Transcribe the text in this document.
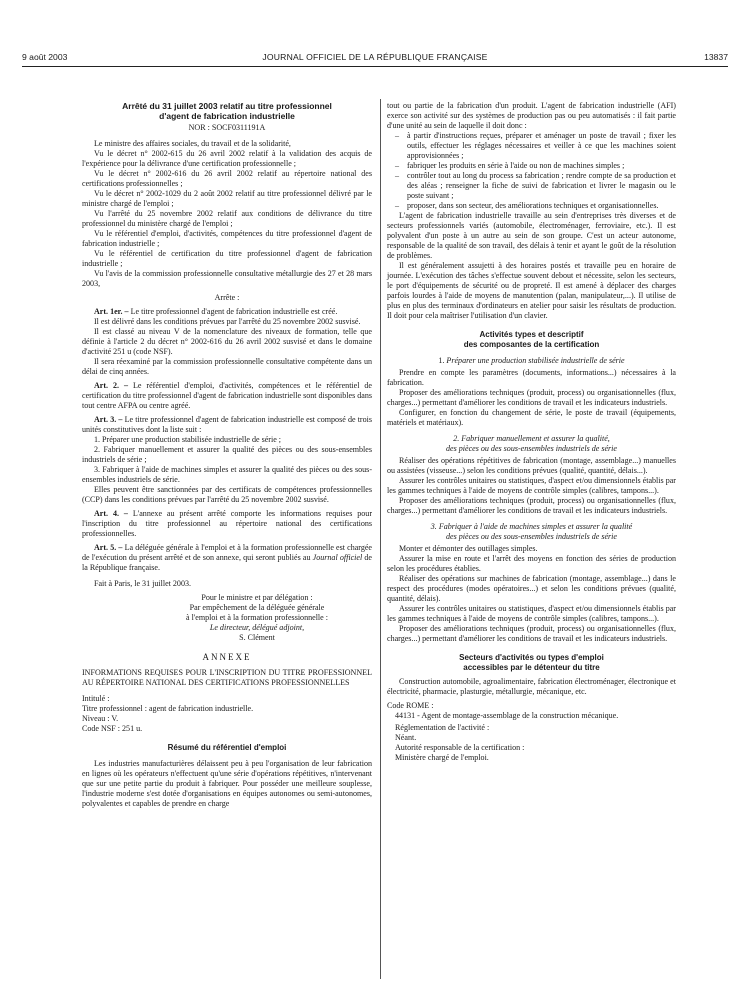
9 août 2003	JOURNAL OFFICIEL DE LA RÉPUBLIQUE FRANÇAISE	13837

Arrêté du 31 juillet 2003 relatif au titre professionnel

d'agent de fabrication industrielle

NOR : SOCF0311191A

Le ministre des affaires sociales, du travail et de la solidarité,

Vu le décret n° 2002-615 du 26 avril 2002 relatif à la validation des acquis de l'expérience pour la délivrance d'une certification professionnelle ;

Vu le décret n° 2002-616 du 26 avril 2002 relatif au répertoire national des certifications professionnelles ;

Vu le décret n° 2002-1029 du 2 août 2002 relatif au titre professionnel délivré par le ministre chargé de l'emploi ;

Vu l'arrêté du 25 novembre 2002 relatif aux conditions de délivrance du titre professionnel du ministère chargé de l'emploi ;

Vu le référentiel d'emploi, d'activités, compétences du titre professionnel d'agent de fabrication industrielle ;

Vu le référentiel de certification du titre professionnel d'agent de fabrication industrielle ;

Vu l'avis de la commission professionnelle consultative métallurgie des 27 et 28 mars 2003,

Arrête :

Art. 1er. – Le titre professionnel d'agent de fabrication industrielle est créé.

Il est délivré dans les conditions prévues par l'arrêté du 25 novembre 2002 susvisé.

Il est classé au niveau V de la nomenclature des niveaux de formation, telle que définie à l'article 2 du décret n° 2002-616 du 26 avril 2002 susvisé et dans le domaine d'activité 251 u (code NSF).

Il sera réexaminé par la commission professionnelle consultative compétente dans un délai de cinq années.

Art. 2. – Le référentiel d'emploi, d'activités, compétences et le référentiel de certification du titre professionnel d'agent de fabrication industrielle sont disponibles dans tout centre AFPA ou centre agréé.

Art. 3. – Le titre professionnel d'agent de fabrication industrielle est composé de trois unités constitutives dont la liste suit :

1. Préparer une production stabilisée industrielle de série ;

2. Fabriquer manuellement et assurer la qualité des pièces ou des sous-ensembles industriels de série ;

3. Fabriquer à l'aide de machines simples et assurer la qualité des pièces ou des sous-ensembles industriels de série.

Elles peuvent être sanctionnées par des certificats de compétences professionnelles (CCP) dans les conditions prévues par l'arrêté du 25 novembre 2002 susvisé.

Art. 4. – L'annexe au présent arrêté comporte les informations requises pour l'inscription du titre professionnel au répertoire national des certifications professionnelles.

Art. 5. – La déléguée générale à l'emploi et à la formation professionnelle est chargée de l'exécution du présent arrêté et de son annexe, qui seront publiés au Journal officiel de la République française.

Fait à Paris, le 31 juillet 2003.

Pour le ministre et par délégation :

Par empêchement de la déléguée générale

à l'emploi et à la formation professionnelle :

Le directeur, délégué adjoint,

S. Clément

ANNEXE

INFORMATIONS REQUISES POUR L'INSCRIPTION DU TITRE PROFESSIONNEL AU RÉPERTOIRE NATIONAL DES CERTIFICATIONS PROFESSIONNELLES

Intitulé :

Titre professionnel : agent de fabrication industrielle.

Niveau : V.

Code NSF : 251 u.

Résumé du référentiel d'emploi

Les industries manufacturières délaissent peu à peu l'organisation de leur fabrication en lignes où les opérateurs n'effectuent qu'une série d'opérations répétitives, n'intervenant que sur une petite partie du produit à fabriquer. Pour posséder une meilleure souplesse, l'industrie moderne s'est dotée d'organisations en équipes autonomes ou semi-autonomes, polyvalentes et capables de prendre en charge

tout ou partie de la fabrication d'un produit. L'agent de fabrication industrielle (AFI) exerce son activité sur des systèmes de production pas ou peu automatisés : il fait partie d'une unité au sein de laquelle il doit donc :

– à partir d'instructions reçues, préparer et aménager un poste de travail ; fixer les outils, effectuer les réglages nécessaires et veiller à ce que les machines soient approvisionnées ;
– fabriquer les produits en série à l'aide ou non de machines simples ;
– contrôler tout au long du process sa fabrication ; rendre compte de sa production et des aléas ; renseigner la fiche de suivi de fabrication et livrer le magasin ou le poste suivant ;
– proposer, dans son secteur, des améliorations techniques et organisationnelles.

L'agent de fabrication industrielle travaille au sein d'entreprises très diverses et de secteurs professionnels variés (automobile, électroménager, ferroviaire, etc.). Il est polyvalent d'un poste à un autre au sein de son groupe. C'est un acteur autonome, responsable de la qualité de son travail, des délais à tenir et ayant le goût de la résolution de problèmes.

Il est généralement assujetti à des horaires postés et travaille peu en horaire de journée. L'exécution des tâches s'effectue souvent debout et nécessite, selon les secteurs, le port d'équipements de sécurité ou de propreté. Il est amené à déplacer des charges parfois lourdes à l'aide de moyens de manutention (palan, manipulateur,...). Il utilise de plus en plus des terminaux d'ordinateurs en atelier pour saisir les résultats de production. Il doit pour cela maîtriser l'utilisation d'un clavier.

Activités types et descriptif

des composantes de la certification

1. Préparer une production stabilisée industrielle de série

Prendre en compte les paramètres (documents, informations...) nécessaires à la fabrication.

Proposer des améliorations techniques (produit, process) ou organisationnelles (flux, charges...) permettant d'améliorer les conditions de travail et les indicateurs industriels.

Configurer, en fonction du changement de série, le poste de travail (équipements, matériels et matériaux).

2. Fabriquer manuellement et assurer la qualité,

des pièces ou des sous-ensembles industriels de série

Réaliser des opérations répétitives de fabrication (montage, assemblage...) manuelles ou assistées (visseuse...) selon les conditions prévues (qualité, quantité, délais...).

Assurer les contrôles unitaires ou statistiques, d'aspect et/ou dimensionnels établis par les gammes techniques à l'aide de moyens de contrôle simples (calibres, tampons...).

Proposer des améliorations techniques (produit, process) ou organisationnelles (flux, charges...) permettant d'améliorer les conditions de travail et les indicateurs industriels.

3. Fabriquer à l'aide de machines simples et assurer la qualité

des pièces ou des sous-ensembles industriels de série

Monter et démonter des outillages simples.

Assurer la mise en route et l'arrêt des moyens en fonction des séries de production selon les procédures établies.

Réaliser des opérations sur machines de fabrication (montage, assemblage...) dans le respect des procédures (modes opératoires...) et selon les conditions prévues (qualité, quantité, délais).

Assurer les contrôles unitaires ou statistiques, d'aspect et/ou dimensionnels établis par les gammes techniques à l'aide de moyens de contrôle simples (calibres, tampons...).

Proposer des améliorations techniques (produit, process) ou organisationnelles (flux, charges...) permettant d'améliorer les conditions de travail et les indicateurs industriels.

Secteurs d'activités ou types d'emploi

accessibles par le détenteur du titre

Construction automobile, agroalimentaire, fabrication électroménager, électronique et électricité, pharmacie, plasturgie, métallurgie, mécanique, etc.

Code ROME :

44131 - Agent de montage-assemblage de la construction mécanique.

Réglementation de l'activité :

Néant.

Autorité responsable de la certification :

Ministère chargé de l'emploi.
